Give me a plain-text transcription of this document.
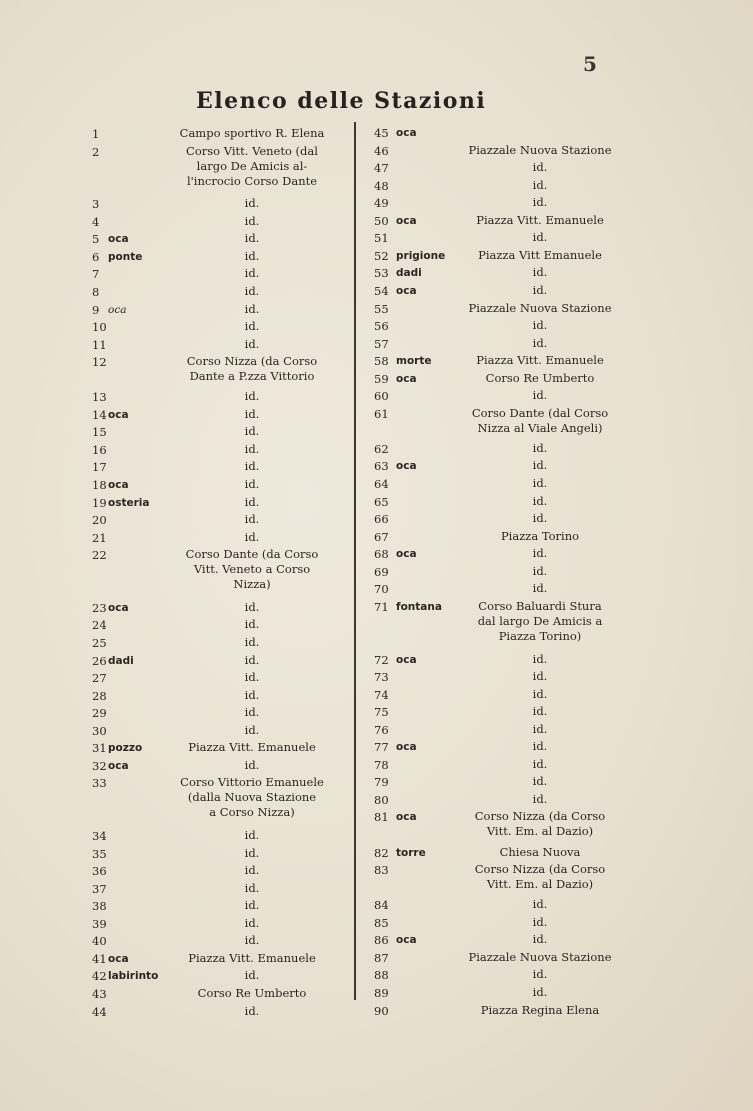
5
Elenco delle Stazioni
1	Campo sportivo R. Elena
2	Corso Vitt. Veneto (dal
largo De Amicis al-
l'incrocio Corso Dante
3	id.
4	id.
5 oca	id.
6 ponte	id.
7	id.
8	id.
9 oca	id.
10	id.
11	id.
12	Corso Nizza (da Corso
Dante a P.zza Vittorio
13	id.
14 oca	id.
15	id.
16	id.
17	id.
18 oca	id.
19 osteria	id.
20	id.
21	id.
22	Corso Dante (da Corso
Vitt. Veneto a Corso
Nizza)
23 oca	id.
24	id.
25	id.
26 dadi	id.
27	id.
28	id.
29	id.
30	id.
31 pozzo	Piazza Vitt. Emanuele
32 oca	id.
33	Corso Vittorio Emanuele
(dalla Nuova Stazione
a Corso Nizza)
34	id.
35	id.
36	id.
37	id.
38	id.
39	id.
40	id.
41 oca	Piazza Vitt. Emanuele
42 labirinto	id.
43	Corso Re Umberto
44	id.
45 oca
46	Piazzale Nuova Stazione
47	id.
48	id.
49	id.
50 oca	Piazza Vitt. Emanuele
51	id.
52 prigione	Piazza Vitt Emanuele
53 dadi	id.
54 oca	id.
55	Piazzale Nuova Stazione
56	id.
57	id.
58 morte	Piazza Vitt. Emanuele
59 oca	Corso Re Umberto
60	id.
61	Corso Dante (dal Corso
Nizza al Viale Angeli)
62	id.
63 oca	id.
64	id.
65	id.
66	id.
67	Piazza Torino
68 oca	id.
69	id.
70	id.
71 fontana	Corso Baluardi Stura
dal largo De Amicis a
Piazza Torino)
72 oca	id.
73	id.
74	id.
75	id.
76	id.
77 oca	id.
78	id.
79	id.
80	id.
81 oca	Corso Nizza (da Corso
Vitt. Em. al Dazio)
82 torre	Chiesa Nuova
83	Corso Nizza (da Corso
Vitt. Em. al Dazio)
84	id.
85	id.
86 oca	id.
87	Piazzale Nuova Stazione
88	id.
89	id.
90	Piazza Regina Elena
